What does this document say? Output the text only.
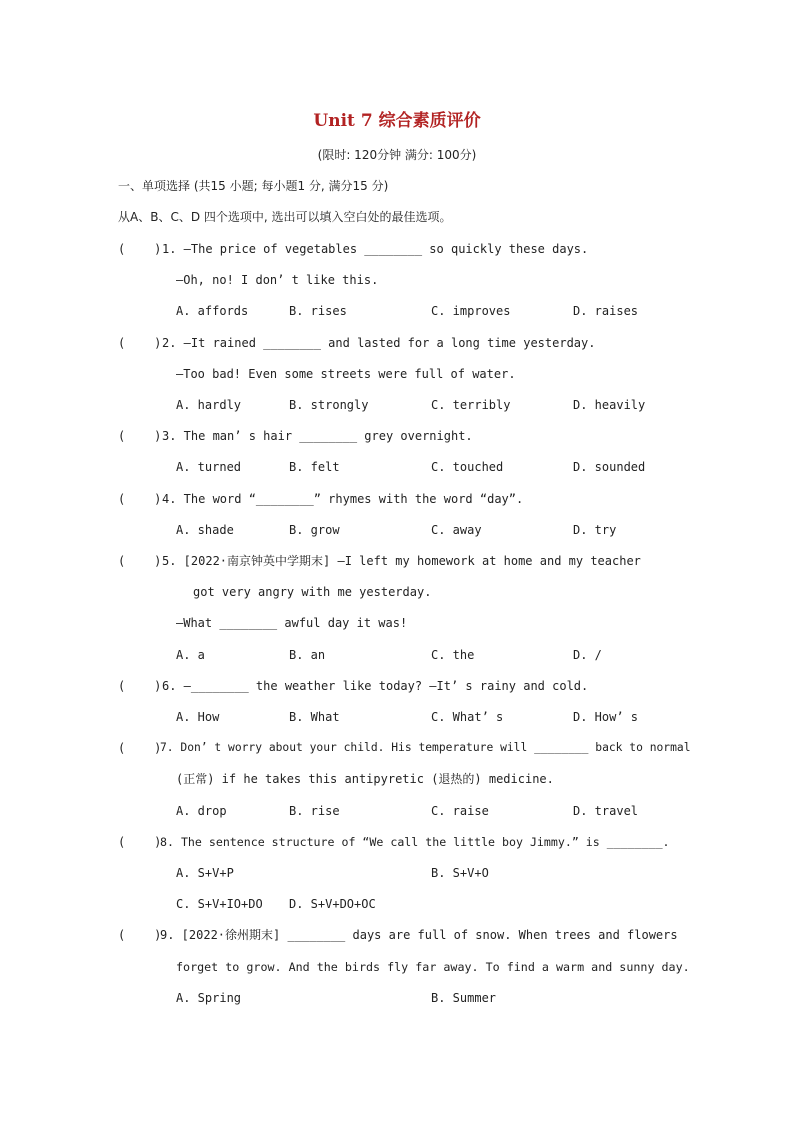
Unit 7 综合素质评价
(限时: 120分钟 满分: 100分)
一、单项选择 (共15 小题; 每小题1 分, 满分15 分)
从A、B、C、D 四个选项中, 选出可以填入空白处的最佳选项。
(    ) 1. —The price of vegetables ________ so quickly these days.
—Oh, no! I don’ t like this.
A. affords	B. rises	C. improves	D. raises
(    ) 2. —It rained ________ and lasted for a long time yesterday.
—Too bad! Even some streets were full of water.
A. hardly	B. strongly	C. terribly	D. heavily
(    ) 3. The man’ s hair ________ grey overnight.
A. turned	B. felt	C. touched	D. sounded
(    ) 4. The word “________” rhymes with the word “day”.
A. shade	B. grow	C. away	D. try
(    ) 5. [2022·南京钟英中学期末] —I left my homework at home and my teacher
got very angry with me yesterday.
—What ________ awful day it was!
A. a	B. an	C. the	D. /
(    ) 6. —________ the weather like today? —It’ s rainy and cold.
A. How	B. What	C. What’ s	D. How’ s
(    )
7. Don’ t worry about your child. His temperature will ________ back to normal
(正常) if he takes this antipyretic (退热的) medicine.
A. drop	B. rise	C. raise	D. travel
(    )
8. The sentence structure of “We call the little boy Jimmy.” is ________.
A. S+V+P	B. S+V+O
C. S+V+IO+DO D. S+V+DO+OC
(    )
9. [2022·徐州期末] ________ days are full of snow. When trees and flowers
forget to grow. And the birds fly far away. To find a warm and sunny day.
A. Spring	B. Summer
